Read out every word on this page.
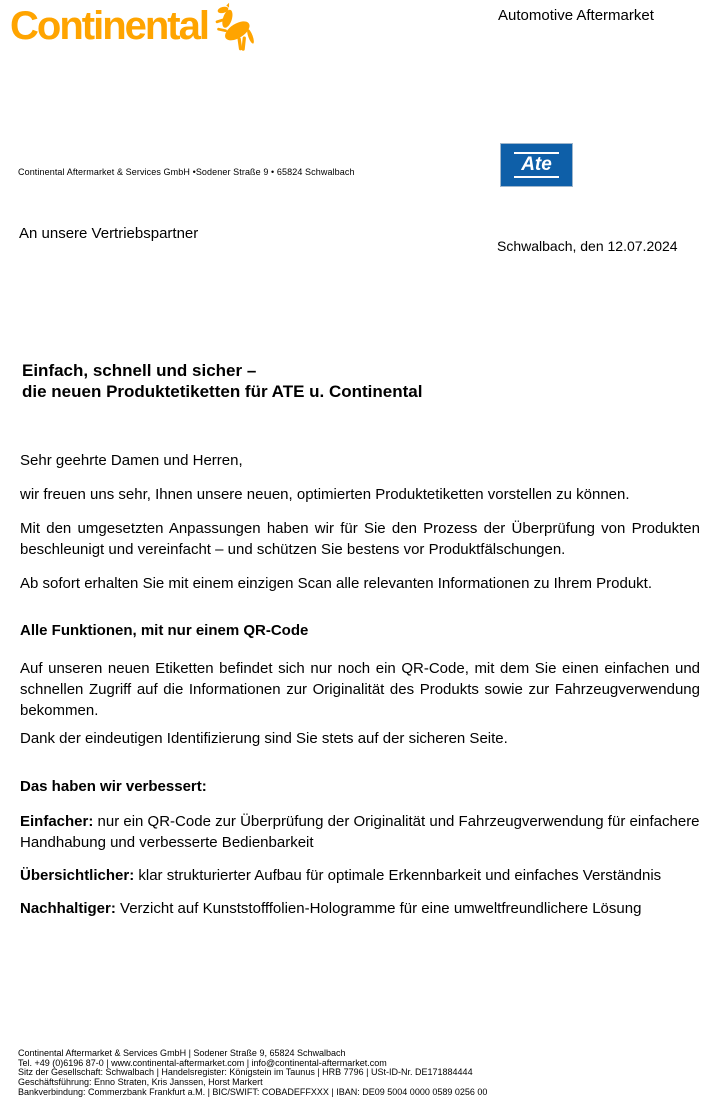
Continental	Automotive Aftermarket
Continental Aftermarket & Services GmbH •Sodener Straße 9 • 65824 Schwalbach	Ate
An unsere Vertriebspartner
Schwalbach, den 12.07.2024
Einfach, schnell und sicher –
die neuen Produktetiketten für ATE u. Continental

Sehr geehrte Damen und Herren,

wir freuen uns sehr, Ihnen unsere neuen, optimierten Produktetiketten vorstellen zu können.

Mit den umgesetzten Anpassungen haben wir für Sie den Prozess der Überprüfung von Produkten beschleunigt und vereinfacht – und schützen Sie bestens vor Produktfälschungen.

Ab sofort erhalten Sie mit einem einzigen Scan alle relevanten Informationen zu Ihrem Produkt.

Alle Funktionen, mit nur einem QR-Code

Auf unseren neuen Etiketten befindet sich nur noch ein QR-Code, mit dem Sie einen einfachen und schnellen Zugriff auf die Informationen zur Originalität des Produkts sowie zur Fahrzeugverwendung bekommen.

Dank der eindeutigen Identifizierung sind Sie stets auf der sicheren Seite.

Das haben wir verbessert:

Einfacher: nur ein QR-Code zur Überprüfung der Originalität und Fahrzeugverwendung für einfachere Handhabung und verbesserte Bedienbarkeit

Übersichtlicher: klar strukturierter Aufbau für optimale Erkennbarkeit und einfaches Verständnis

Nachhaltiger: Verzicht auf Kunststofffolien-Hologramme für eine umweltfreundlichere Lösung

Continental Aftermarket & Services GmbH | Sodener Straße 9, 65824 Schwalbach
Tel. +49 (0)6196 87-0 | www.continental-aftermarket.com | info@continental-aftermarket.com
Sitz der Gesellschaft: Schwalbach | Handelsregister: Königstein im Taunus | HRB 7796 | USt-ID-Nr. DE171884444
Geschäftsführung: Enno Straten, Kris Janssen, Horst Markert
Bankverbindung: Commerzbank Frankfurt a.M. | BIC/SWIFT: COBADEFFXXX | IBAN: DE09 5004 0000 0589 0256 00
